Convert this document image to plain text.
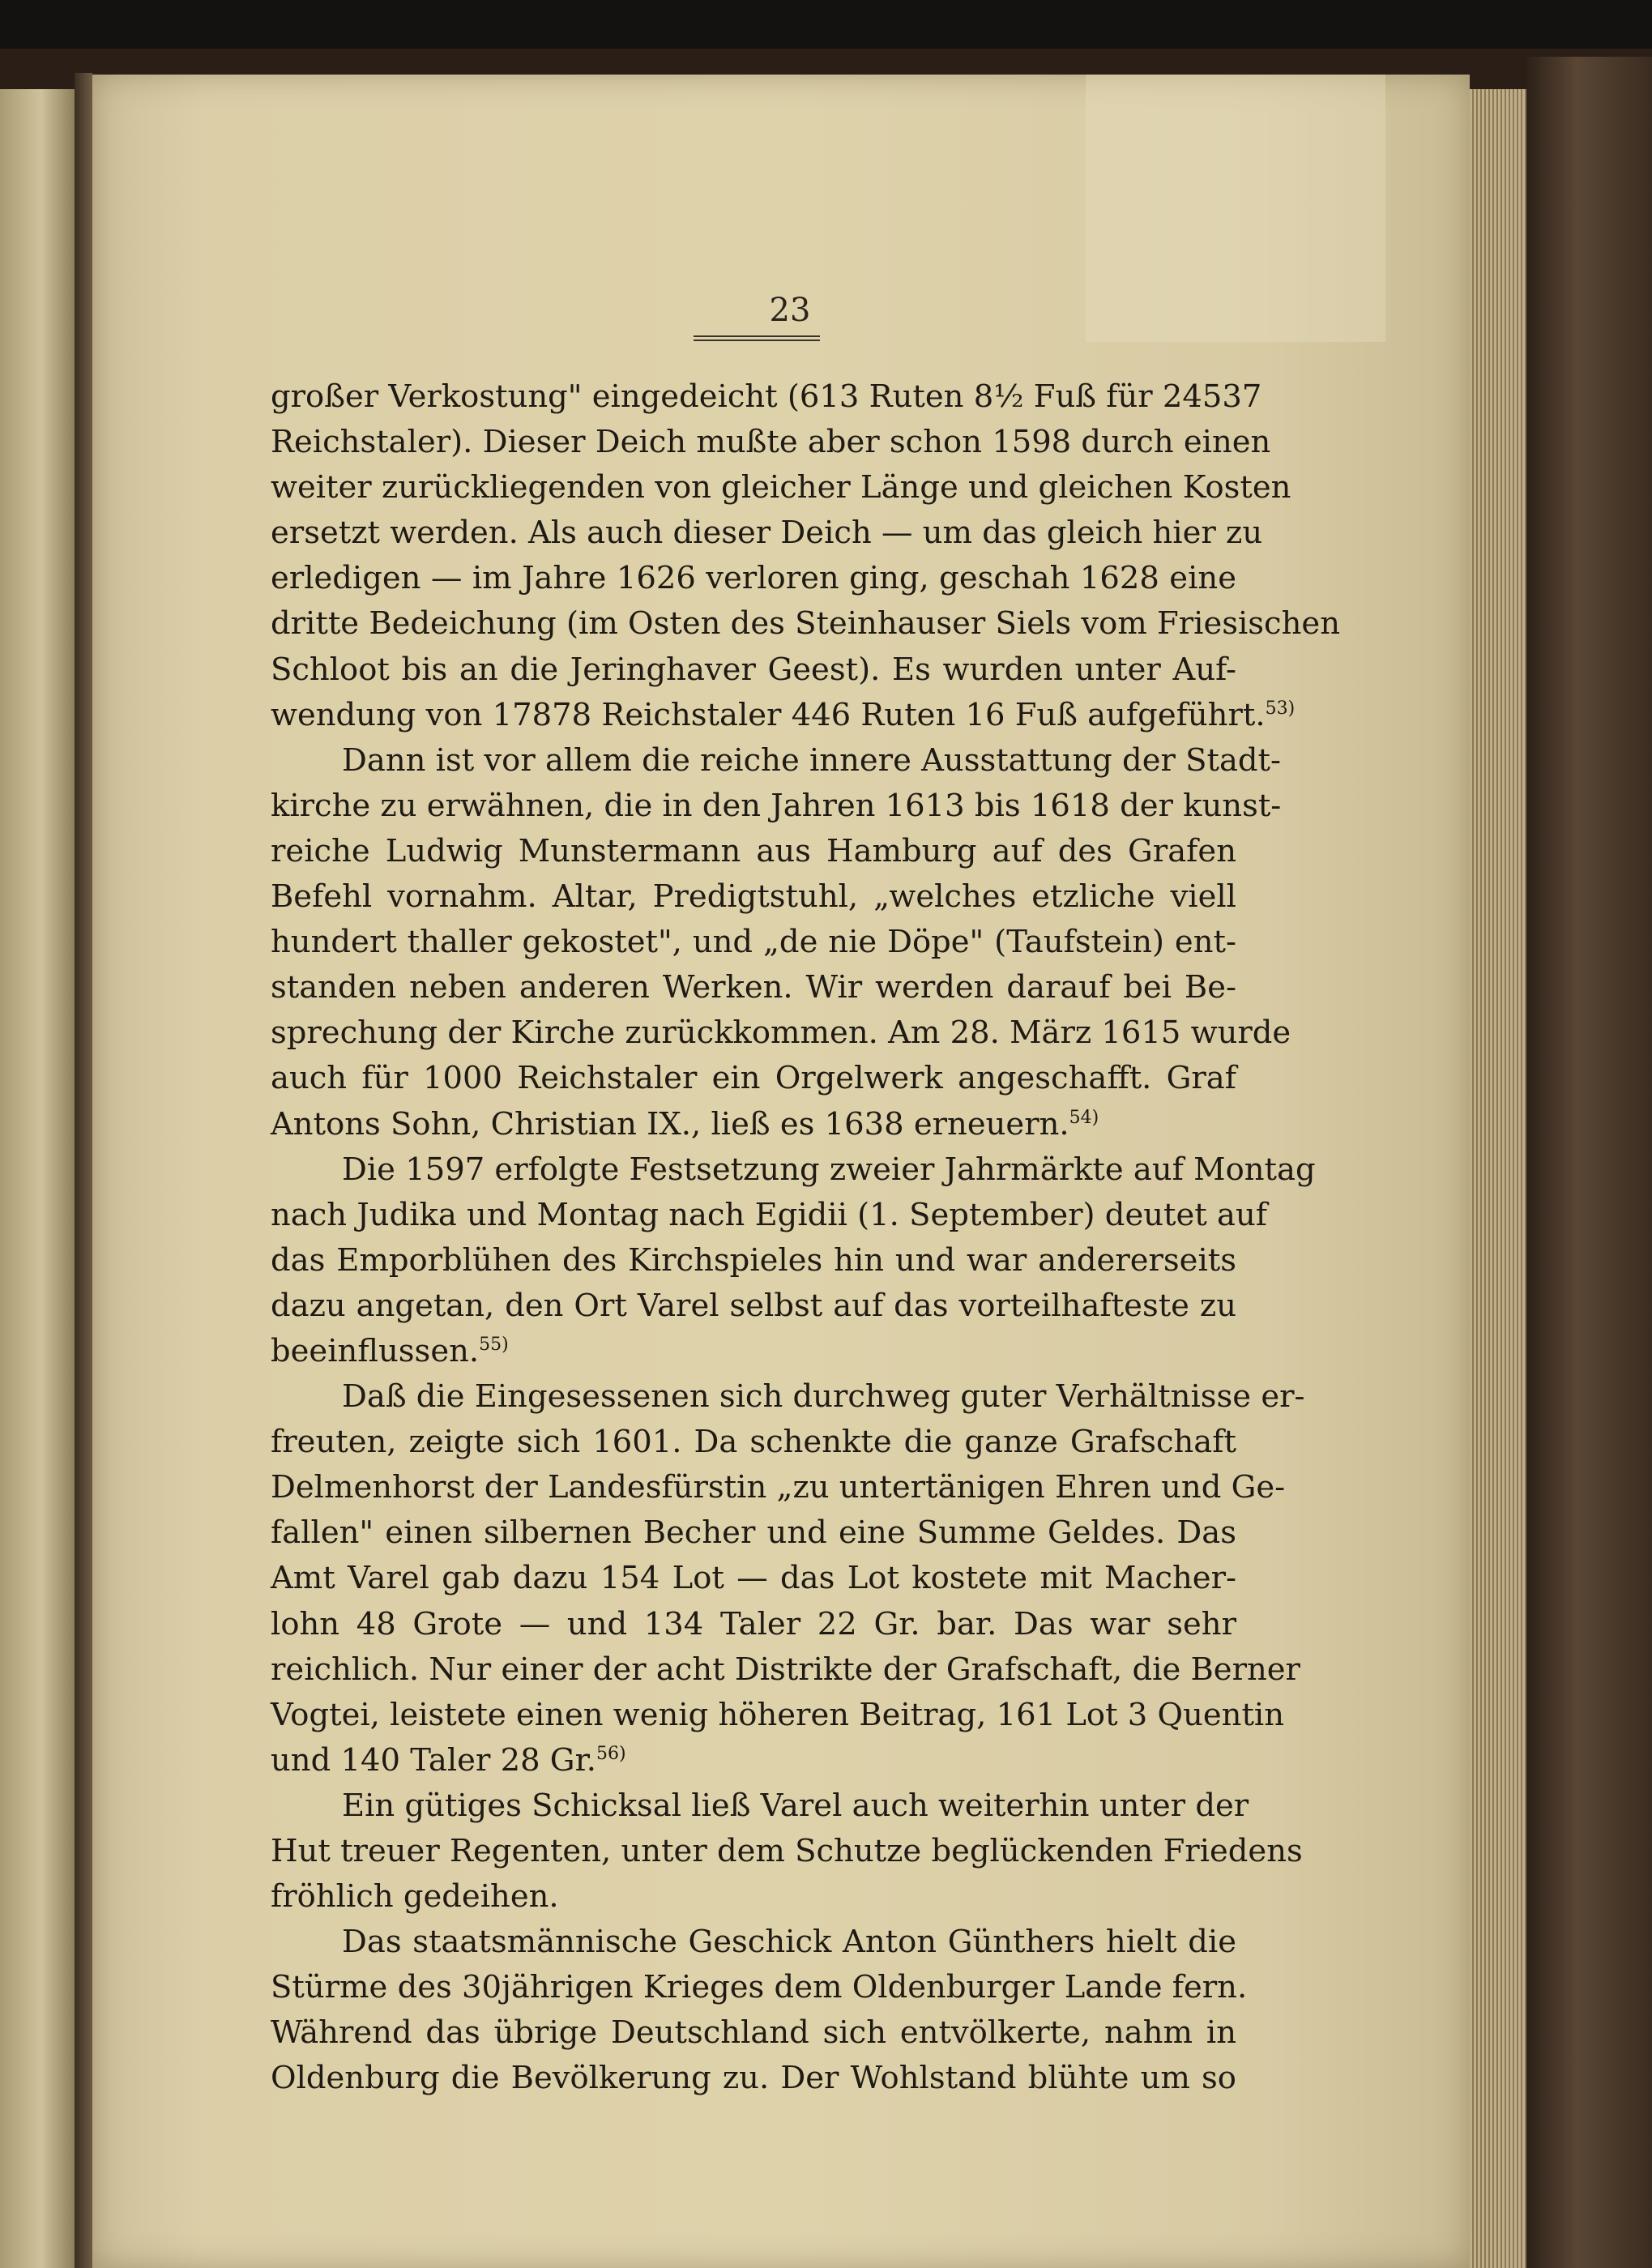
23
großer Verkostung" eingedeicht (613 Ruten 8½ Fuß für 24537
Reichstaler). Dieser Deich mußte aber schon 1598 durch einen
weiter zurückliegenden von gleicher Länge und gleichen Kosten
ersetzt werden. Als auch dieser Deich — um das gleich hier zu
erledigen — im Jahre 1626 verloren ging, geschah 1628 eine
dritte Bedeichung (im Osten des Steinhauser Siels vom Friesischen
Schloot bis an die Jeringhaver Geest). Es wurden unter Auf-
wendung von 17878 Reichstaler 446 Ruten 16 Fuß aufgeführt.$^{53)}$
Dann ist vor allem die reiche innere Ausstattung der Stadt-
kirche zu erwähnen, die in den Jahren 1613 bis 1618 der kunst-
reiche Ludwig Munstermann aus Hamburg auf des Grafen
Befehl vornahm. Altar, Predigtstuhl, „welches etzliche viell
hundert thaller gekostet", und „de nie Döpe" (Taufstein) ent-
standen neben anderen Werken. Wir werden darauf bei Be-
sprechung der Kirche zurückkommen. Am 28. März 1615 wurde
auch für 1000 Reichstaler ein Orgelwerk angeschafft. Graf
Antons Sohn, Christian IX., ließ es 1638 erneuern.$^{54)}$
Die 1597 erfolgte Festsetzung zweier Jahrmärkte auf Montag
nach Judika und Montag nach Egidii (1. September) deutet auf
das Emporblühen des Kirchspieles hin und war andererseits
dazu angetan, den Ort Varel selbst auf das vorteilhafteste zu
beeinflussen.$^{55)}$
Daß die Eingesessenen sich durchweg guter Verhältnisse er-
freuten, zeigte sich 1601. Da schenkte die ganze Grafschaft
Delmenhorst der Landesfürstin „zu untertänigen Ehren und Ge-
fallen" einen silbernen Becher und eine Summe Geldes. Das
Amt Varel gab dazu 154 Lot — das Lot kostete mit Macher-
lohn 48 Grote — und 134 Taler 22 Gr. bar. Das war sehr
reichlich. Nur einer der acht Distrikte der Grafschaft, die Berner
Vogtei, leistete einen wenig höheren Beitrag, 161 Lot 3 Quentin
und 140 Taler 28 Gr.$^{56)}$
Ein gütiges Schicksal ließ Varel auch weiterhin unter der
Hut treuer Regenten, unter dem Schutze beglückenden Friedens
fröhlich gedeihen.
Das staatsmännische Geschick Anton Günthers hielt die
Stürme des 30jährigen Krieges dem Oldenburger Lande fern.
Während das übrige Deutschland sich entvölkerte, nahm in
Oldenburg die Bevölkerung zu. Der Wohlstand blühte um so
